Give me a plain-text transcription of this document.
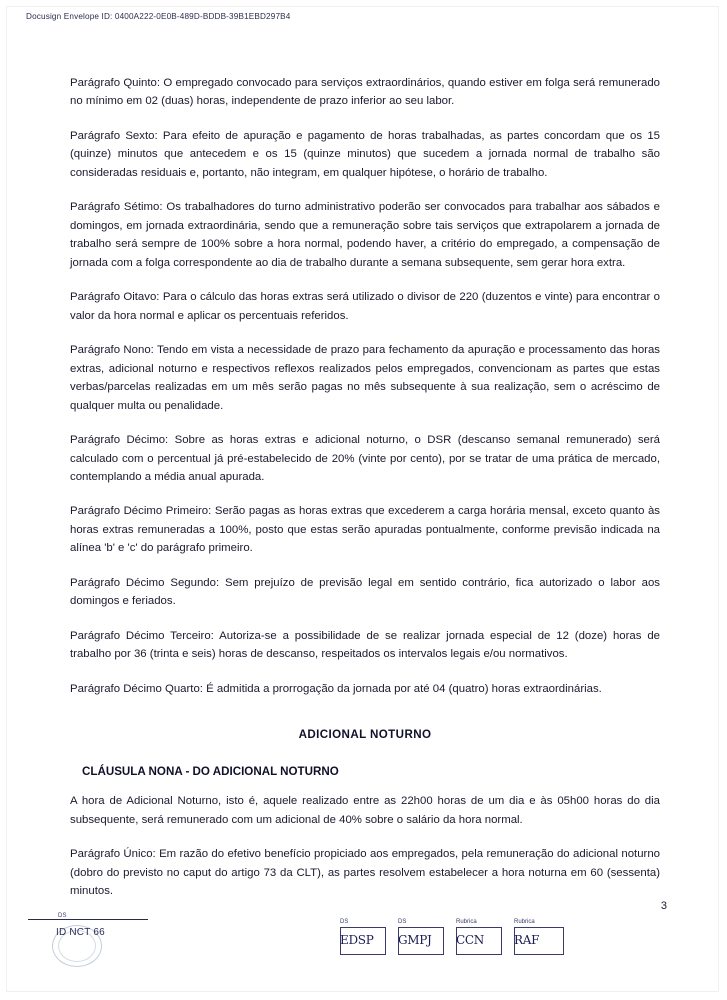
Docusign Envelope ID: 0400A222-0E0B-489D-BDDB-39B1EBD297B4

Parágrafo Quinto: O empregado convocado para serviços extraordinários, quando estiver em folga será remunerado no mínimo em 02 (duas) horas, independente de prazo inferior ao seu labor.

Parágrafo Sexto: Para efeito de apuração e pagamento de horas trabalhadas, as partes concordam que os 15 (quinze) minutos que antecedem e os 15 (quinze minutos) que sucedem a jornada normal de trabalho são consideradas residuais e, portanto, não integram, em qualquer hipótese, o horário de trabalho.

Parágrafo Sétimo: Os trabalhadores do turno administrativo poderão ser convocados para trabalhar aos sábados e domingos, em jornada extraordinária, sendo que a remuneração sobre tais serviços que extrapolarem a jornada de trabalho será sempre de 100% sobre a hora normal, podendo haver, a critério do empregado, a compensação de jornada com a folga correspondente ao dia de trabalho durante a semana subsequente, sem gerar hora extra.

Parágrafo Oitavo: Para o cálculo das horas extras será utilizado o divisor de 220 (duzentos e vinte) para encontrar o valor da hora normal e aplicar os percentuais referidos.

Parágrafo Nono: Tendo em vista a necessidade de prazo para fechamento da apuração e processamento das horas extras, adicional noturno e respectivos reflexos realizados pelos empregados, convencionam as partes que estas verbas/parcelas realizadas em um mês serão pagas no mês subsequente à sua realização, sem o acréscimo de qualquer multa ou penalidade.

Parágrafo Décimo: Sobre as horas extras e adicional noturno, o DSR (descanso semanal remunerado) será calculado com o percentual já pré-estabelecido de 20% (vinte por cento), por se tratar de uma prática de mercado, contemplando a média anual apurada.

Parágrafo Décimo Primeiro: Serão pagas as horas extras que excederem a carga horária mensal, exceto quanto às horas extras remuneradas a 100%, posto que estas serão apuradas pontualmente, conforme previsão indicada na alínea 'b' e 'c' do parágrafo primeiro.

Parágrafo Décimo Segundo: Sem prejuízo de previsão legal em sentido contrário, fica autorizado o labor aos domingos e feriados.

Parágrafo Décimo Terceiro: Autoriza-se a possibilidade de se realizar jornada especial de 12 (doze) horas de trabalho por 36 (trinta e seis) horas de descanso, respeitados os intervalos legais e/ou normativos.

Parágrafo Décimo Quarto: É admitida a prorrogação da jornada por até 04 (quatro) horas extraordinárias.

ADICIONAL NOTURNO
CLÁUSULA NONA - DO ADICIONAL NOTURNO

A hora de Adicional Noturno, isto é, aquele realizado entre as 22h00 horas de um dia e às 05h00 horas do dia subsequente, será remunerado com um adicional de 40% sobre o salário da hora normal.

Parágrafo Único: Em razão do efetivo benefício propiciado aos empregados, pela remuneração do adicional noturno (dobro do previsto no caput do artigo 73 da CLT), as partes resolvem estabelecer a hora noturna em 60 (sessenta) minutos.

3
DS
ID NCT 66
DS
EDSP
DS
GMPJ
Rubrica
CCN
Rubrica
RAF
